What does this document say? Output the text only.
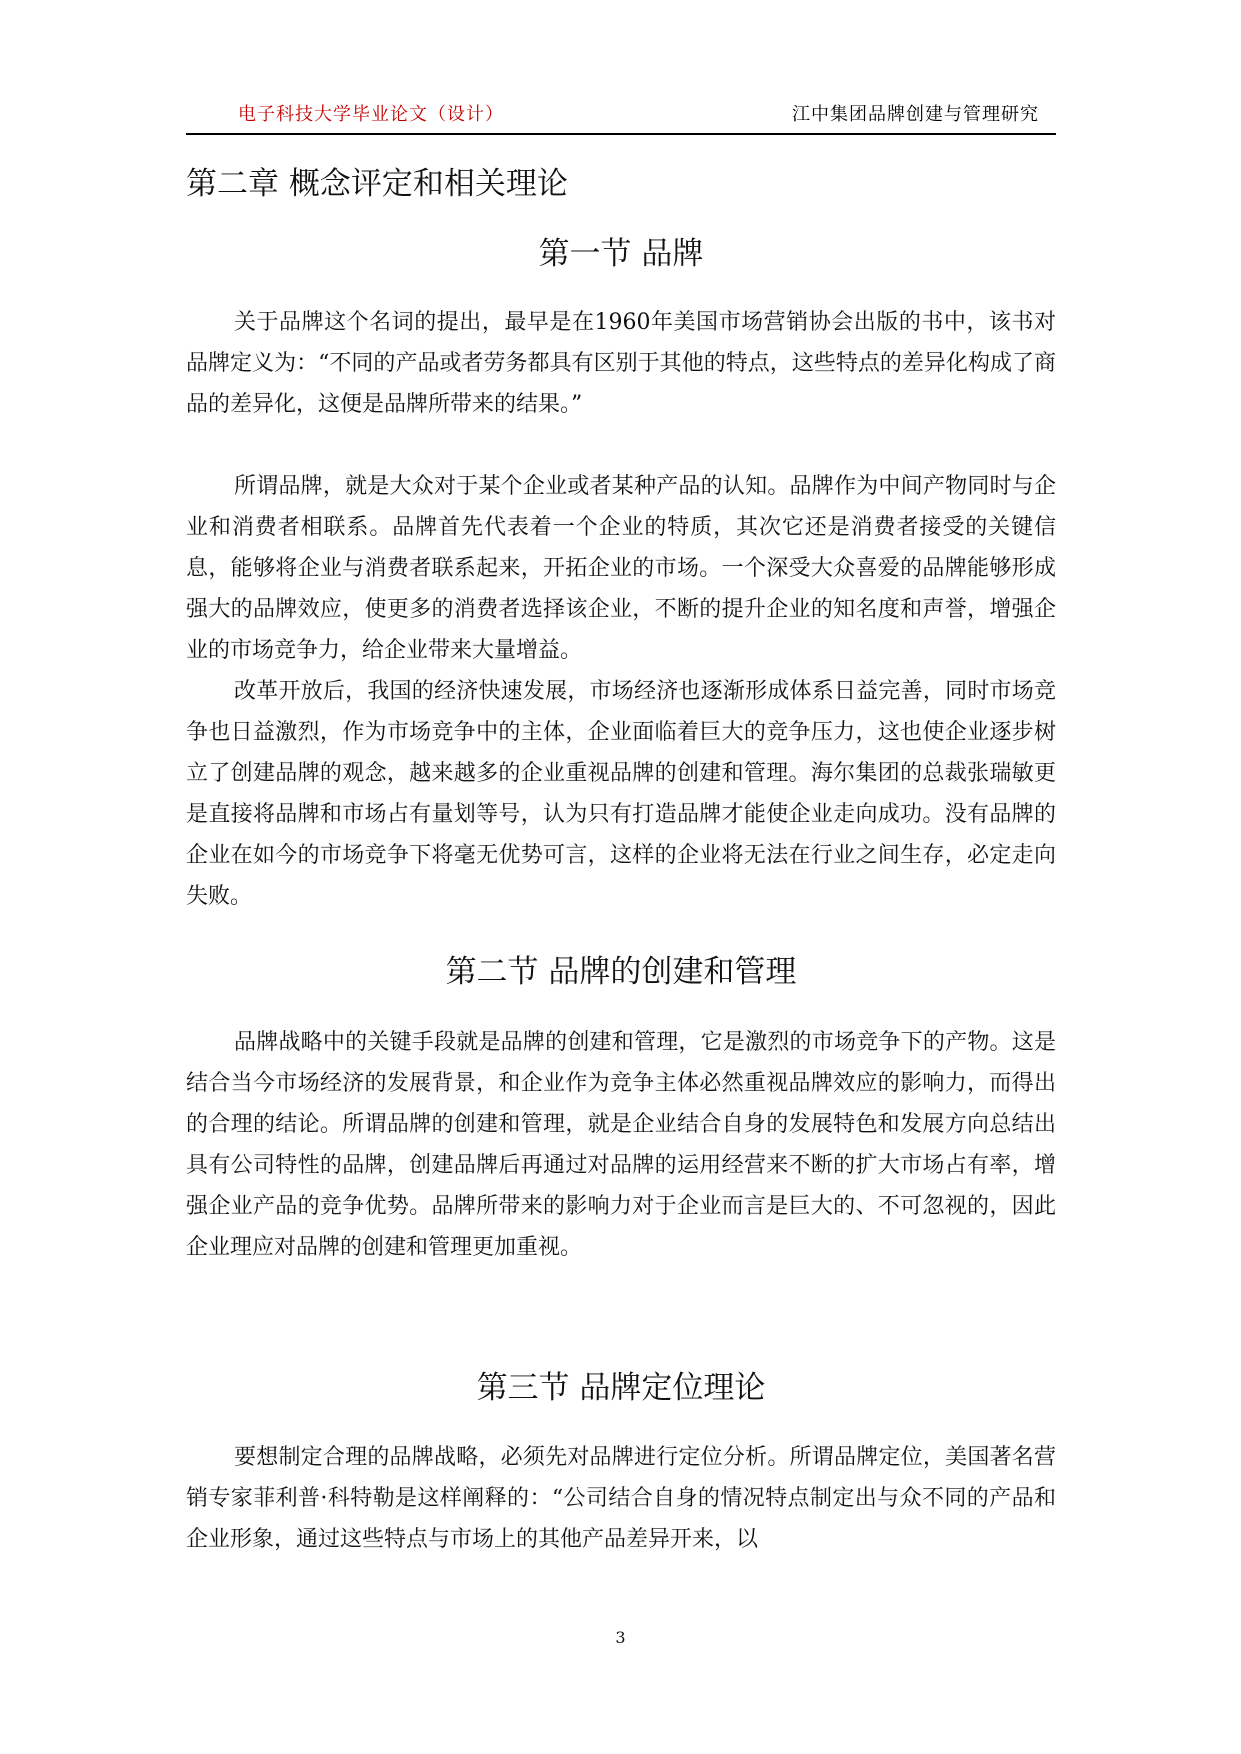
电子科技大学毕业论文（设计）	江中集团品牌创建与管理研究
第二章 概念评定和相关理论
第一节 品牌

关于品牌这个名词的提出，最早是在1960年美国市场营销协会出版的书中，该书对品牌定义为：“不同的产品或者劳务都具有区别于其他的特点，这些特点的差异化构成了商品的差异化，这便是品牌所带来的结果。”

所谓品牌，就是大众对于某个企业或者某种产品的认知。品牌作为中间产物同时与企业和消费者相联系。品牌首先代表着一个企业的特质，其次它还是消费者接受的关键信息，能够将企业与消费者联系起来，开拓企业的市场。一个深受大众喜爱的品牌能够形成强大的品牌效应，使更多的消费者选择该企业，不断的提升企业的知名度和声誉，增强企业的市场竞争力，给企业带来大量增益。

改革开放后，我国的经济快速发展，市场经济也逐渐形成体系日益完善，同时市场竞争也日益激烈，作为市场竞争中的主体，企业面临着巨大的竞争压力，这也使企业逐步树立了创建品牌的观念，越来越多的企业重视品牌的创建和管理。海尔集团的总裁张瑞敏更是直接将品牌和市场占有量划等号，认为只有打造品牌才能使企业走向成功。没有品牌的企业在如今的市场竞争下将毫无优势可言，这样的企业将无法在行业之间生存，必定走向失败。

第二节 品牌的创建和管理

品牌战略中的关键手段就是品牌的创建和管理，它是激烈的市场竞争下的产物。这是结合当今市场经济的发展背景，和企业作为竞争主体必然重视品牌效应的影响力，而得出的合理的结论。所谓品牌的创建和管理，就是企业结合自身的发展特色和发展方向总结出具有公司特性的品牌，创建品牌后再通过对品牌的运用经营来不断的扩大市场占有率，增强企业产品的竞争优势。品牌所带来的影响力对于企业而言是巨大的、不可忽视的，因此企业理应对品牌的创建和管理更加重视。

第三节 品牌定位理论

要想制定合理的品牌战略，必须先对品牌进行定位分析。所谓品牌定位，美国著名营销专家菲利普·科特勒是这样阐释的：“公司结合自身的情况特点制定出与众不同的产品和企业形象，通过这些特点与市场上的其他产品差异开来，以

3
